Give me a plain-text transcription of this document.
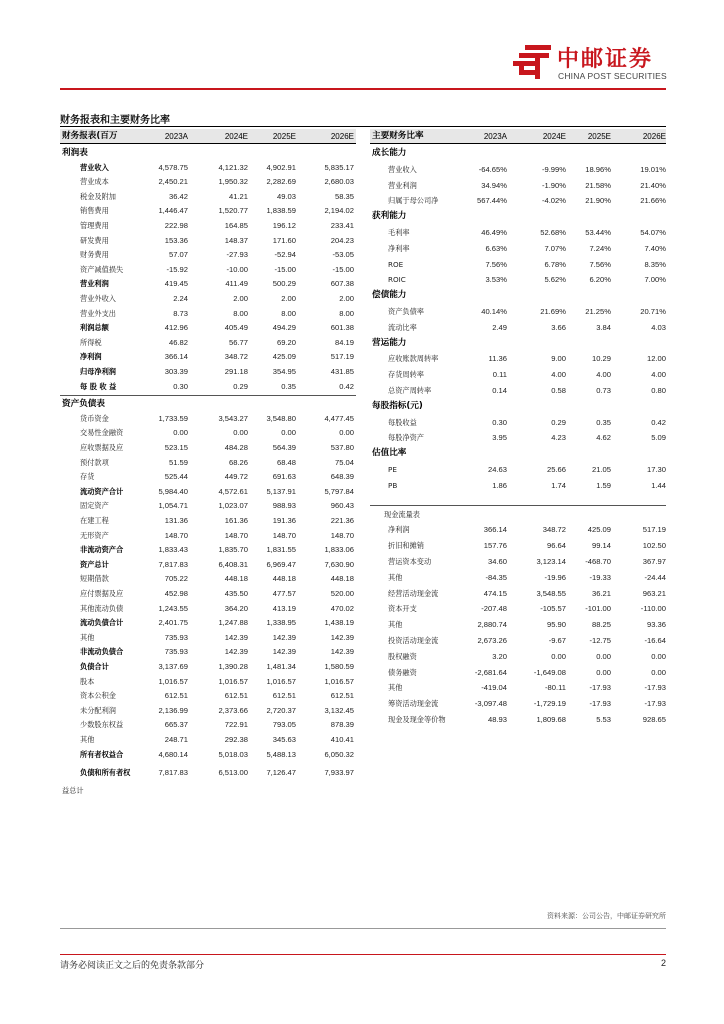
中邮证券
CHINA POST SECURITIES
财务报表和主要财务比率
财务报表(百万	2023A	2024E	2025E	2026E
利润表
营业收入	4,578.75	4,121.32 4,902.91	5,835.17
营业成本	2,450.21	1,950.32 2,282.69	2,680.03
税金及附加	36.42	41.21	49.03	58.35
销售费用	1,446.47	1,520.77 1,838.59	2,194.02
管理费用	222.98	164.85	196.12	233.41
研发费用	153.36	148.37	171.60	204.23
财务费用	57.07	-27.93	-52.94	-53.05
资产减值损失	-15.92	-10.00	-15.00	-15.00
营业利润	419.45	411.49	500.29	607.38
营业外收入	2.24	2.00	2.00	2.00
营业外支出	8.73	8.00	8.00	8.00
利润总额	412.96	405.49	494.29	601.38
所得税	46.82	56.77	69.20	84.19
净利润	366.14	348.72	425.09	517.19
归母净利润	303.39	291.18	354.95	431.85
每 股 收 益	0.30	0.29	0.35	0.42
资产负债表
货币资金	1,733.59	3,543.27 3,548.80	4,477.45
交易性金融资	0.00	0.00	0.00	0.00
应收票据及应	523.15	484.28	564.39	537.80
预付款项	51.59	68.26	68.48	75.04
存货	525.44	449.72	691.63	648.39
流动资产合计	5,984.40	4,572.61 5,137.91	5,797.84
固定资产	1,054.71	1,023.07	988.93	960.43
在建工程	131.36	161.36	191.36	221.36
无形资产	148.70	148.70	148.70	148.70
非流动资产合	1,833.43	1,835.70 1,831.55	1,833.06
资产总计	7,817.83	6,408.31 6,969.47	7,630.90
短期借款	705.22	448.18	448.18	448.18
应付票据及应	452.98	435.50	477.57	520.00
其他流动负债	1,243.55	364.20	413.19	470.02
流动负债合计	2,401.75	1,247.88 1,338.95	1,438.19
其他	735.93	142.39	142.39	142.39
非流动负债合	735.93	142.39	142.39	142.39
负债合计	3,137.69	1,390.28 1,481.34	1,580.59
股本	1,016.57	1,016.57 1,016.57	1,016.57
资本公积金	612.51	612.51	612.51	612.51
未分配利润	2,136.99	2,373.66 2,720.37	3,132.45
少数股东权益	665.37	722.91	793.05	878.39
其他	248.71	292.38	345.63	410.41
所有者权益合	4,680.14	5,018.03 5,488.13	6,050.32
负债和所有者权	7,817.83	6,513.00 7,126.47	7,933.97
益总计
主要财务比率	2023A	2024E	2025E	2026E
成长能力
营业收入	-64.65%	-9.99%	18.96%	19.01%
营业利润	34.94%	-1.90%	21.58%	21.40%
归属于母公司净	567.44%	-4.02%	21.90%	21.66%
获利能力
毛利率	46.49%	52.68%	53.44%	54.07%
净利率	6.63%	7.07%	7.24%	7.40%
ROE	7.56%	6.78%	7.56%	8.35%
ROIC	3.53%	5.62%	6.20%	7.00%
偿债能力
资产负债率	40.14%	21.69%	21.25%	20.71%
流动比率	2.49	3.66	3.84	4.03
营运能力
应收账款周转率	11.36	9.00	10.29	12.00
存货周转率	0.11	4.00	4.00	4.00
总资产周转率	0.14	0.58	0.73	0.80
每股指标(元)
每股收益	0.30	0.29	0.35	0.42
每股净资产	3.95	4.23	4.62	5.09
估值比率
PE	24.63	25.66	21.05	17.30
PB	1.86	1.74	1.59	1.44
现金流量表
净利润	366.14	348.72	425.09	517.19
折旧和摊销	157.76	96.64	99.14	102.50
营运资本变动	34.60	3,123.14	-468.70	367.97
其他	-84.35	-19.96	-19.33	-24.44
经营活动现金流	474.15	3,548.55	36.21	963.21
资本开支	-207.48	-105.57	-101.00	-110.00
其他	2,880.74	95.90	88.25	93.36
投资活动现金流	2,673.26	-9.67	-12.75	-16.64
股权融资	3.20	0.00	0.00	0.00
债务融资	-2,681.64	-1,649.08	0.00	0.00
其他	-419.04	-80.11	-17.93	-17.93
筹资活动现金流	-3,097.48	-1,729.19	-17.93	-17.93
现金及现金等价物	48.93	1,809.68	5.53	928.65
资料来源：公司公告，中邮证券研究所
请务必阅读正文之后的免责条款部分	2
